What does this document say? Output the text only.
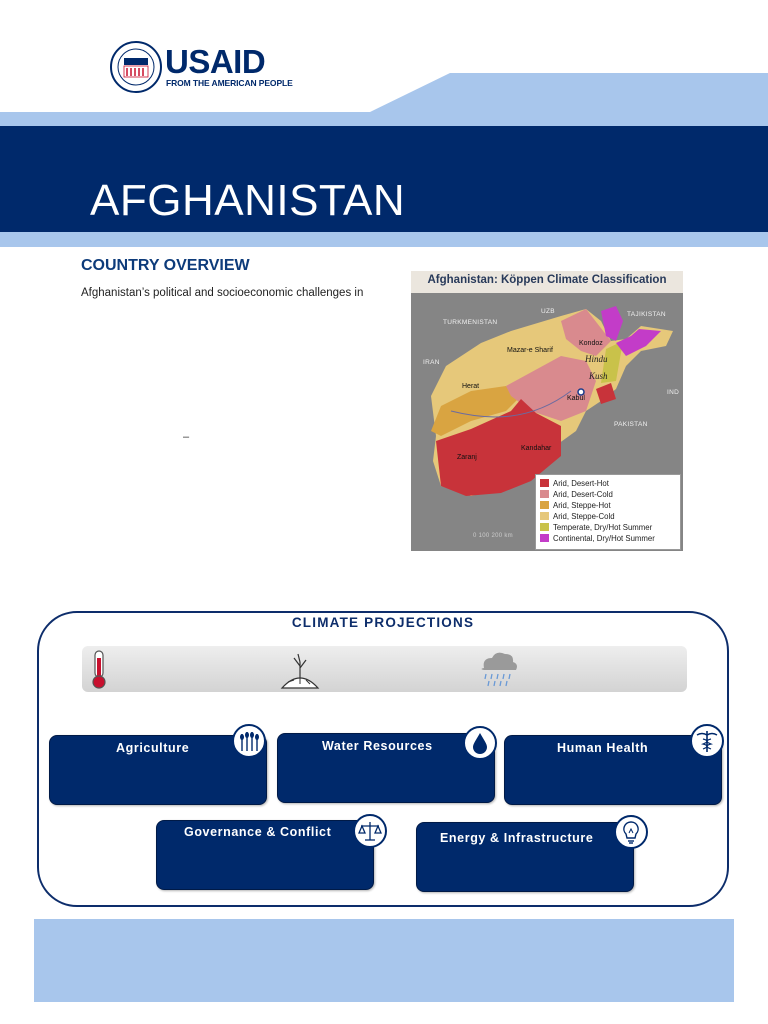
AFGHANISTAN
USAID
FROM THE AMERICAN PEOPLE
COUNTRY OVERVIEW
Afghanistan’s political and socioeconomic challenges in
–
Afghanistan: Köppen Climate Classification
UZB	TAJIKISTAN
TURKMENISTAN
IRAN
IND
PAKISTAN
Kondoz
Mazar-e Sharif
Herat
Kabul
Kandahar
Zaranj
Hindu
Kush
0 100 200 km
Arid, Desert-Hot
Arid, Desert-Cold
Arid, Steppe-Hot
Arid, Steppe-Cold
Temperate, Dry/Hot Summer
Continental, Dry/Hot Summer
CLIMATE PROJECTIONS
Agriculture	Water Resources	Human Health
Governance & Conflict	Energy & Infrastructure
